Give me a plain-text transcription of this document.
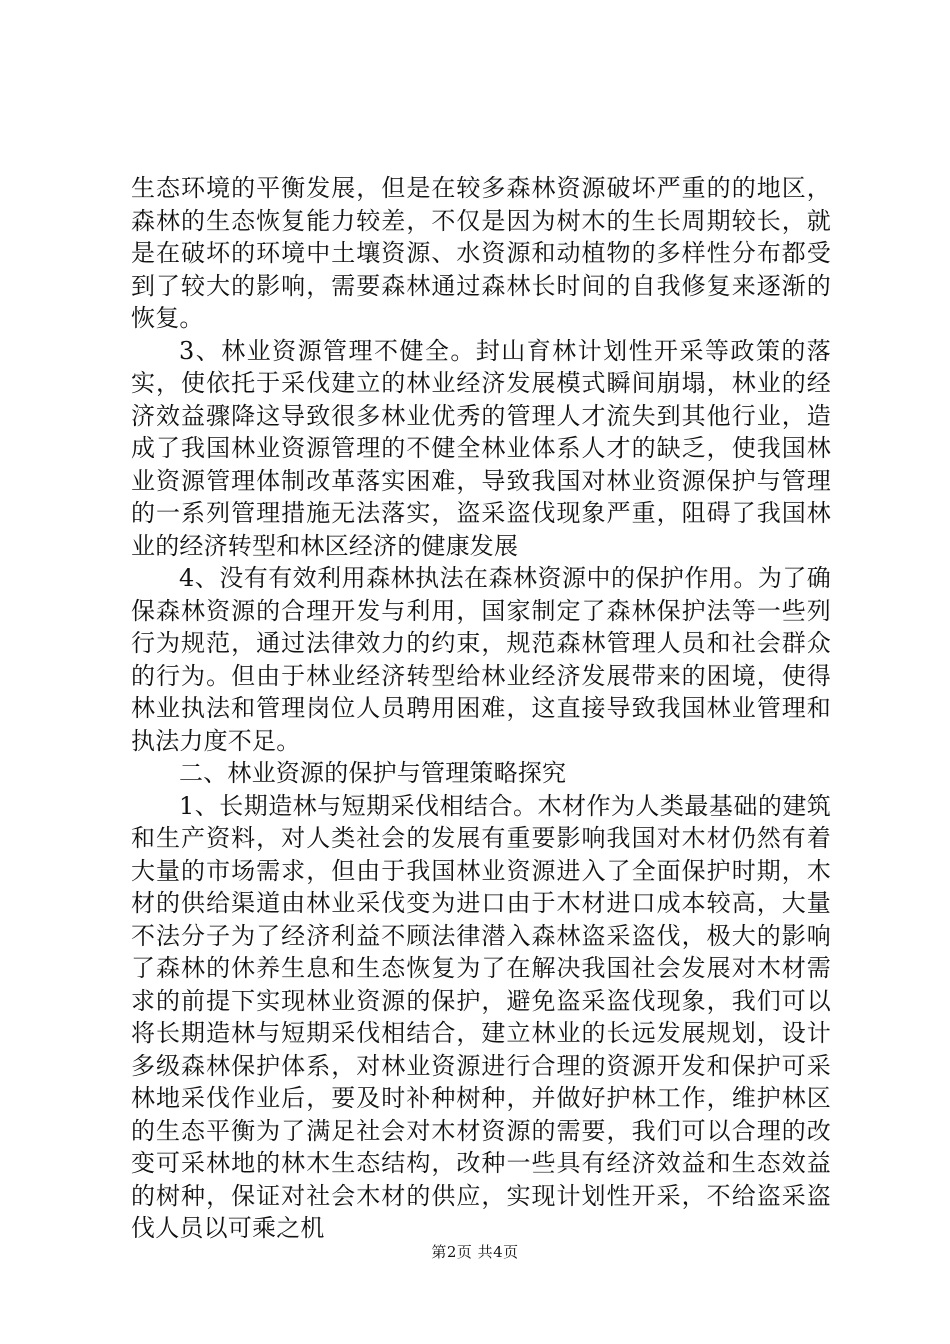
生态环境的平衡发展，但是在较多森林资源破坏严重的的地区，森林的生态恢复能力较差，不仅是因为树木的生长周期较长，就是在破坏的环境中土壤资源、水资源和动植物的多样性分布都受到了较大的影响，需要森林通过森林长时间的自我修复来逐渐的恢复。

3、林业资源管理不健全。封山育林计划性开采等政策的落实，使依托于采伐建立的林业经济发展模式瞬间崩塌，林业的经济效益骤降这导致很多林业优秀的管理人才流失到其他行业，造成了我国林业资源管理的不健全林业体系人才的缺乏，使我国林业资源管理体制改革落实困难，导致我国对林业资源保护与管理的一系列管理措施无法落实，盗采盗伐现象严重，阻碍了我国林业的经济转型和林区经济的健康发展

4、没有有效利用森林执法在森林资源中的保护作用。为了确保森林资源的合理开发与利用，国家制定了森林保护法等一些列行为规范，通过法律效力的约束，规范森林管理人员和社会群众的行为。但由于林业经济转型给林业经济发展带来的困境，使得林业执法和管理岗位人员聘用困难，这直接导致我国林业管理和执法力度不足。

二、林业资源的保护与管理策略探究

1、长期造林与短期采伐相结合。木材作为人类最基础的建筑和生产资料，对人类社会的发展有重要影响我国对木材仍然有着大量的市场需求，但由于我国林业资源进入了全面保护时期，木材的供给渠道由林业采伐变为进口由于木材进口成本较高，大量不法分子为了经济利益不顾法律潜入森林盗采盗伐，极大的影响了森林的休养生息和生态恢复为了在解决我国社会发展对木材需求的前提下实现林业资源的保护，避免盗采盗伐现象，我们可以将长期造林与短期采伐相结合，建立林业的长远发展规划，设计多级森林保护体系，对林业资源进行合理的资源开发和保护可采林地采伐作业后，要及时补种树种，并做好护林工作，维护林区的生态平衡为了满足社会对木材资源的需要，我们可以合理的改变可采林地的林木生态结构，改种一些具有经济效益和生态效益的树种，保证对社会木材的供应，实现计划性开采，不给盗采盗伐人员以可乘之机

第2页 共4页
